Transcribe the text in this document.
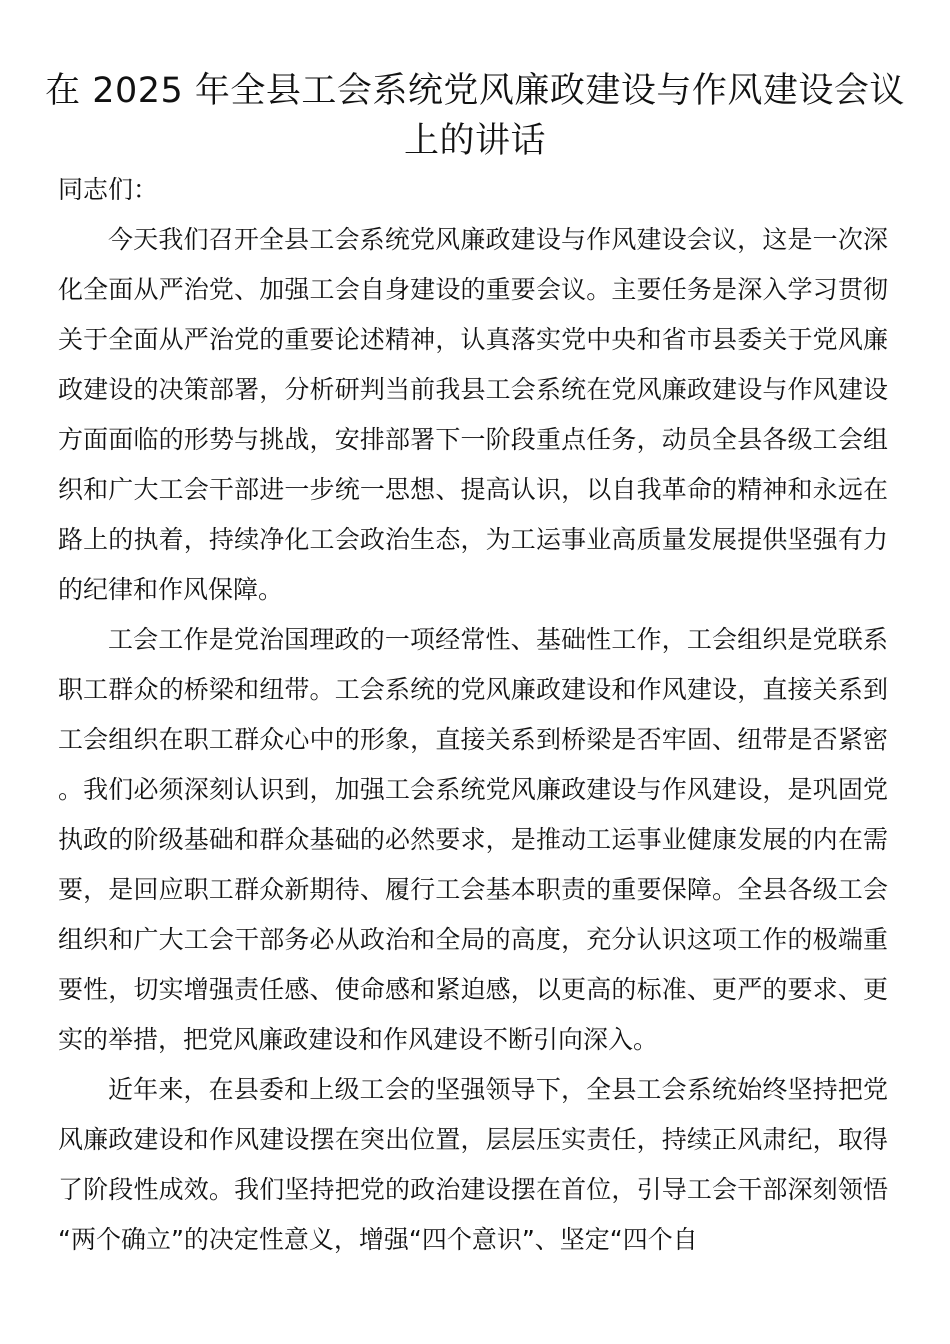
在 2025 年全县工会系统党风廉政建设与作风建设会议上的讲话

同志们：

今天我们召开全县工会系统党风廉政建设与作风建设会议，这是一次深化全面从严治党、加强工会自身建设的重要会议。主要任务是深入学习贯彻关于全面从严治党的重要论述精神，认真落实党中央和省市县委关于党风廉政建设的决策部署，分析研判当前我县工会系统在党风廉政建设与作风建设方面面临的形势与挑战，安排部署下一阶段重点任务，动员全县各级工会组织和广大工会干部进一步统一思想、提高认识，以自我革命的精神和永远在路上的执着，持续净化工会政治生态，为工运事业高质量发展提供坚强有力的纪律和作风保障。

工会工作是党治国理政的一项经常性、基础性工作，工会组织是党联系职工群众的桥梁和纽带。工会系统的党风廉政建设和作风建设，直接关系到工会组织在职工群众心中的形象，直接关系到桥梁是否牢固、纽带是否紧密。我们必须深刻认识到，加强工会系统党风廉政建设与作风建设，是巩固党执政的阶级基础和群众基础的必然要求，是推动工运事业健康发展的内在需要，是回应职工群众新期待、履行工会基本职责的重要保障。全县各级工会组织和广大工会干部务必从政治和全局的高度，充分认识这项工作的极端重要性，切实增强责任感、使命感和紧迫感，以更高的标准、更严的要求、更实的举措，把党风廉政建设和作风建设不断引向深入。

近年来，在县委和上级工会的坚强领导下，全县工会系统始终坚持把党风廉政建设和作风建设摆在突出位置，层层压实责任，持续正风肃纪，取得了阶段性成效。我们坚持把党的政治建设摆在首位，引导工会干部深刻领悟“两个确立”的决定性意义，增强“四个意识”、坚定“四个自
